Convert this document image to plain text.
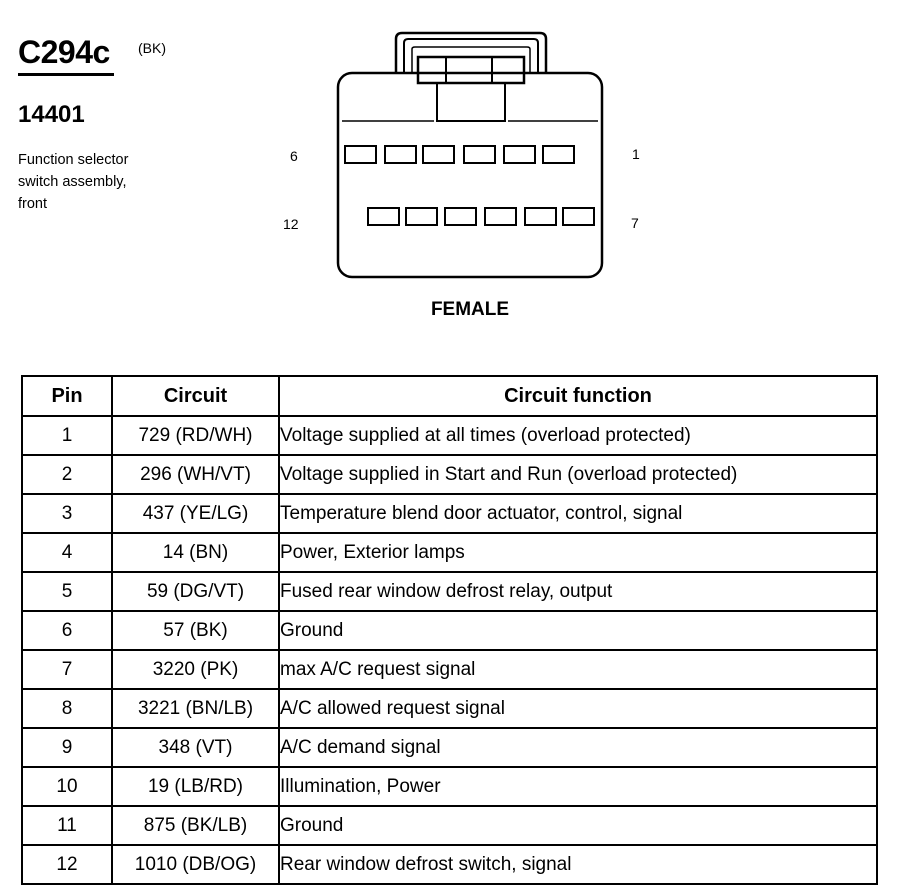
C294c (BK)
14401
Function selector
switch assembly,
front
6	1
12	7
FEMALE
Pin	Circuit	Circuit function
1	729 (RD/WH)	Voltage supplied at all times (overload protected)
2	296 (WH/VT)	Voltage supplied in Start and Run (overload protected)
3	437 (YE/LG)	Temperature blend door actuator, control, signal
4	14 (BN)	Power, Exterior lamps
5	59 (DG/VT)	Fused rear window defrost relay, output
6	57 (BK)	Ground
7	3220 (PK)	max A/C request signal
8	3221 (BN/LB)	A/C allowed request signal
9	348 (VT)	A/C demand signal
10	19 (LB/RD)	Illumination, Power
11	875 (BK/LB)	Ground
12	1010 (DB/OG)	Rear window defrost switch, signal
